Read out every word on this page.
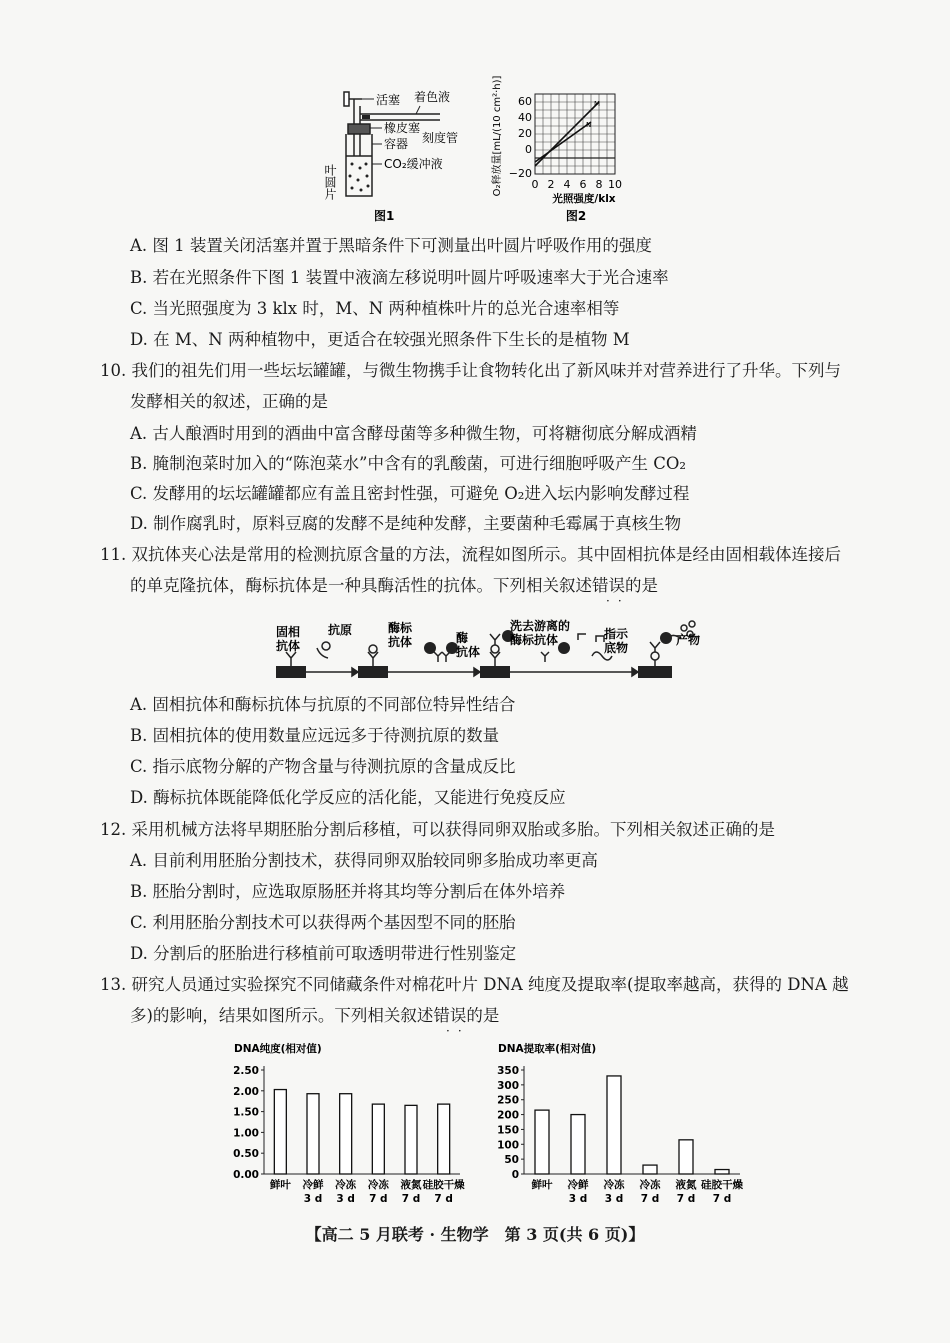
活塞 着色液
橡皮塞
刻度管
容器
CO₂缓冲液
叶圆片
图1
M
N
60
40
20
0
−20
0 2 4 6 8 10
光照强度/klx
O₂释放量[mL/(10 cm²·h)]
图2
A. 图 1 装置关闭活塞并置于黑暗条件下可测量出叶圆片呼吸作用的强度
B. 若在光照条件下图 1 装置中液滴左移说明叶圆片呼吸速率大于光合速率
C. 当光照强度为 3 klx 时，M、N 两种植株叶片的总光合速率相等
D. 在 M、N 两种植物中，更适合在较强光照条件下生长的是植物 M
10. 我们的祖先们用一些坛坛罐罐，与微生物携手让食物转化出了新风味并对营养进行了升华。下列与
发酵相关的叙述，正确的是
A. 古人酿酒时用到的酒曲中富含酵母菌等多种微生物，可将糖彻底分解成酒精
B. 腌制泡菜时加入的“陈泡菜水”中含有的乳酸菌，可进行细胞呼吸产生 CO₂
C. 发酵用的坛坛罐罐都应有盖且密封性强，可避免 O₂进入坛内影响发酵过程
D. 制作腐乳时，原料豆腐的发酵不是纯种发酵，主要菌种毛霉属于真核生物
11. 双抗体夹心法是常用的检测抗原含量的方法，流程如图所示。其中固相抗体是经由固相载体连接后
的单克隆抗体，酶标抗体是一种具酶活性的抗体。下列相关叙述错误的是
··
固相
抗体
抗原	酶标
抗体	酶
抗体
洗去游离的
酶标抗体	指示
底物
产物
A. 固相抗体和酶标抗体与抗原的不同部位特异性结合
B. 固相抗体的使用数量应远远多于待测抗原的数量
C. 指示底物分解的产物含量与待测抗原的含量成反比
D. 酶标抗体既能降低化学反应的活化能，又能进行免疫反应
12. 采用机械方法将早期胚胎分割后移植，可以获得同卵双胎或多胎。下列相关叙述正确的是
A. 目前利用胚胎分割技术，获得同卵双胎较同卵多胎成功率更高
B. 胚胎分割时，应选取原肠胚并将其均等分割后在体外培养
C. 利用胚胎分割技术可以获得两个基因型不同的胚胎
D. 分割后的胚胎进行移植前可取透明带进行性别鉴定
13. 研究人员通过实验探究不同储藏条件对棉花叶片 DNA 纯度及提取率(提取率越高，获得的 DNA 越
多)的影响，结果如图所示。下列相关叙述错误的是
··
DNA纯度(相对值)
2.50
2.00
1.50
1.00
0.50
0.00
鲜叶 冷鲜
3 d
冷冻
3 d
冷冻
7 d
液氮
7 d
硅胶干燥
7 d
DNA提取率(相对值)
350
300
250
200
150
100
50
0
鲜叶 冷鲜
3 d
冷冻
3 d
冷冻
7 d
液氮
7 d
硅胶干燥
7 d
【高二 5 月联考 · 生物学　第 3 页(共 6 页)】
